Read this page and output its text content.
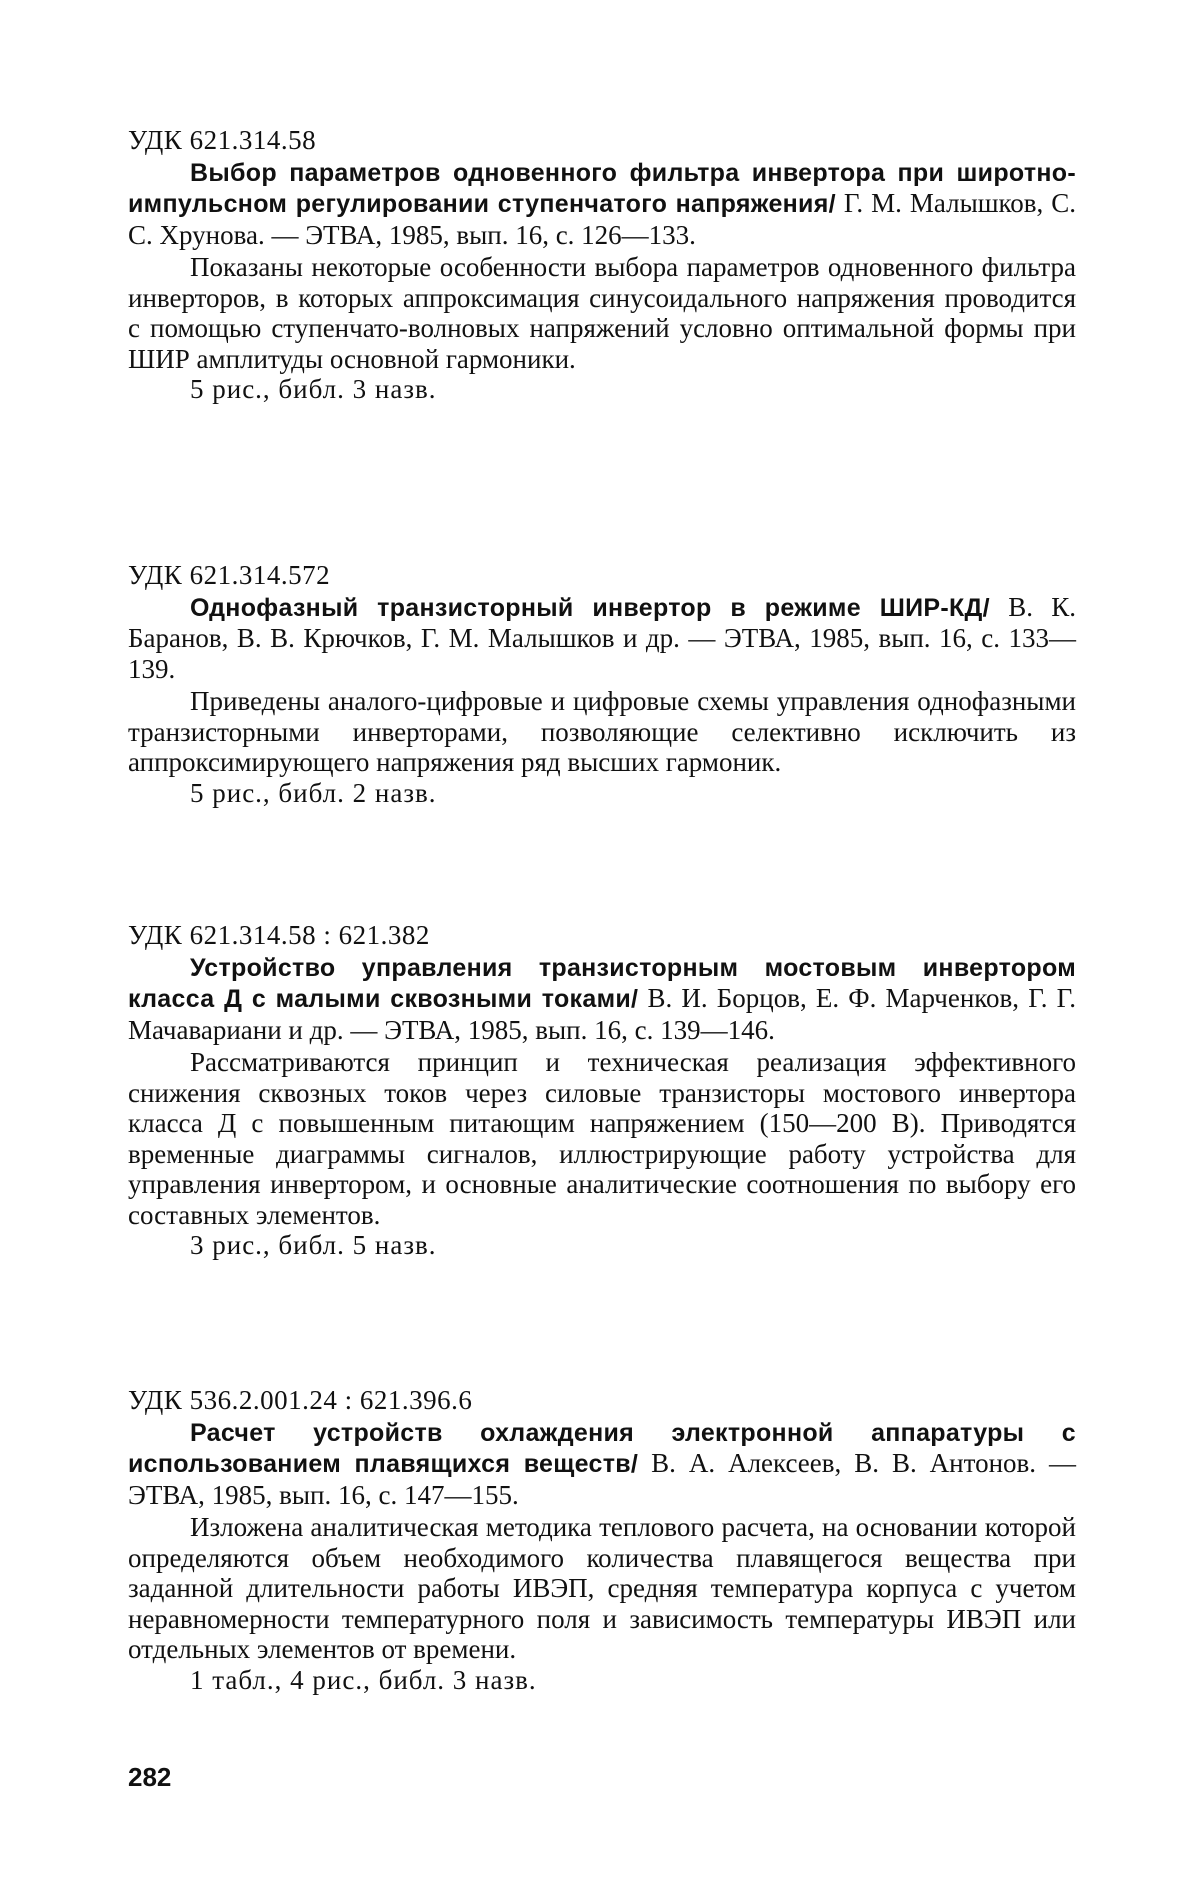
УДК 621.314.58

Выбор параметров одновенного фильтра инвертора при широтно-импульсном регулировании ступенчатого напряжения/ Г. М. Малышков, С. С. Хрунова. — ЭТВА, 1985, вып. 16, с. 126—133.

Показаны некоторые особенности выбора параметров одновенного фильтра инверторов, в которых аппроксимация синусоидального напряжения проводится с помощью ступенчато-волновых напряжений условно оптимальной формы при ШИР амплитуды основной гармоники.

5 рис., библ. 3 назв.

УДК 621.314.572

Однофазный транзисторный инвертор в режиме ШИР-КД/ В. К. Баранов, В. В. Крючков, Г. М. Малышков и др. — ЭТВА, 1985, вып. 16, с. 133—139.

Приведены аналого-цифровые и цифровые схемы управления однофазными транзисторными инверторами, позволяющие селективно исключить из аппроксимирующего напряжения ряд высших гармоник.

5 рис., библ. 2 назв.

УДК 621.314.58 : 621.382

Устройство управления транзисторным мостовым инвертором класса Д с малыми сквозными токами/ В. И. Борцов, Е. Ф. Марченков, Г. Г. Мачавариани и др. — ЭТВА, 1985, вып. 16, с. 139—146.

Рассматриваются принцип и техническая реализация эффективного снижения сквозных токов через силовые транзисторы мостового инвертора класса Д с повышенным питающим напряжением (150—200 В). Приводятся временные диаграммы сигналов, иллюстрирующие работу устройства для управления инвертором, и основные аналитические соотношения по выбору его составных элементов.

3 рис., библ. 5 назв.

УДК 536.2.001.24 : 621.396.6

Расчет устройств охлаждения электронной аппаратуры с использованием плавящихся веществ/ В. А. Алексеев, В. В. Антонов. — ЭТВА, 1985, вып. 16, с. 147—155.

Изложена аналитическая методика теплового расчета, на основании которой определяются объем необходимого количества плавящегося вещества при заданной длительности работы ИВЭП, средняя температура корпуса с учетом неравномерности температурного поля и зависимость температуры ИВЭП или отдельных элементов от времени.

1 табл., 4 рис., библ. 3 назв.

282
